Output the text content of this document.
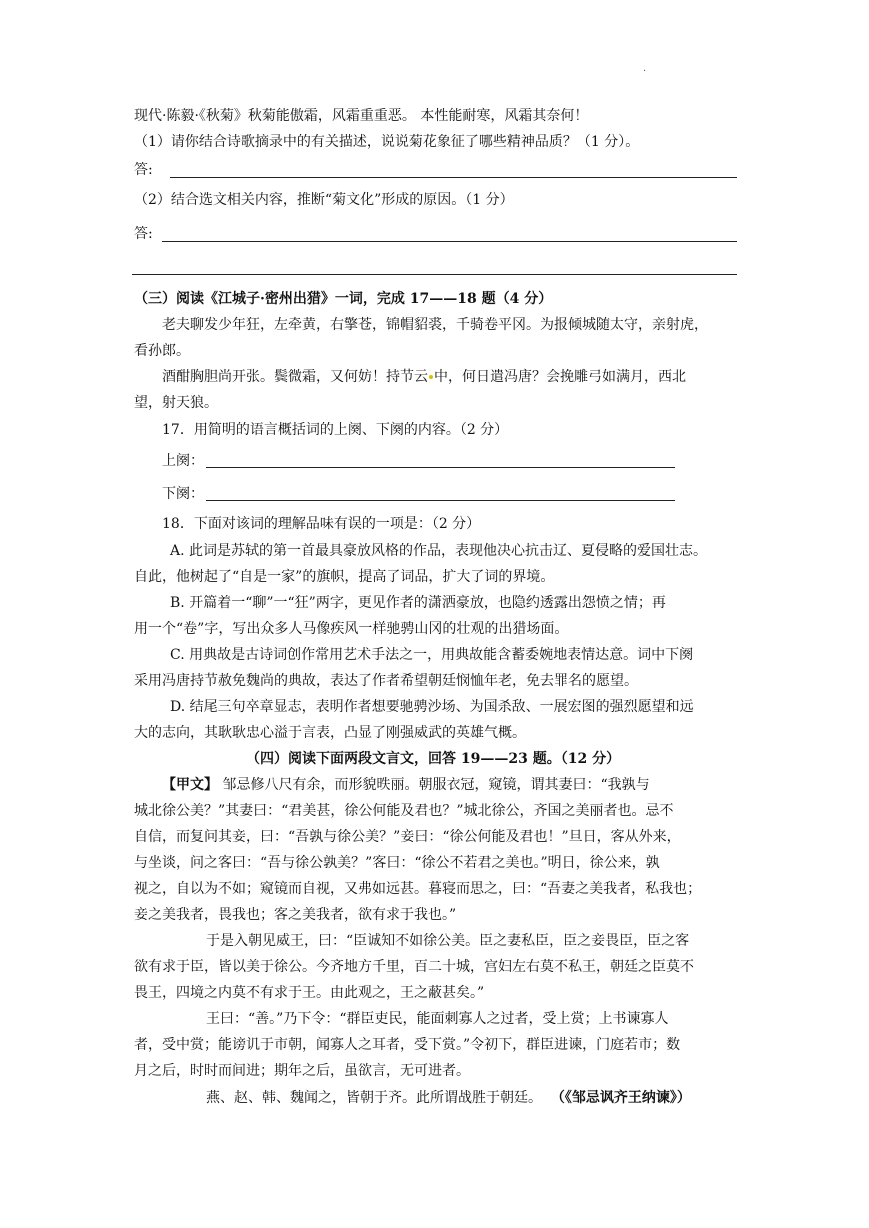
·
现代·陈毅·《秋菊》秋菊能傲霜，风霜重重恶。 本性能耐寒，风霜其奈何！
（1）请你结合诗歌摘录中的有关描述，说说菊花象征了哪些精神品质？（1 分）。
答:
（2）结合选文相关内容，推断“菊文化”形成的原因。（1 分）
答:
（三）阅读《江城子·密州出猎》一词，完成 17——18 题（4 分）
老夫聊发少年狂，左牵黄，右擎苍，锦帽貂裘，千骑卷平冈。为报倾城随太守，亲射虎，
看孙郎。
酒酣胸胆尚开张。鬓微霜，又何妨！持节云 中，何日遣冯唐？会挽雕弓如满月，西北
望，射天狼。
17．用简明的语言概括词的上阕、下阕的内容。（2 分）
上阕：
下阕：
18．下面对该词的理解品味有误的一项是：（2 分）
A. 此词是苏轼的第一首最具豪放风格的作品，表现他决心抗击辽、夏侵略的爱国壮志。
自此，他树起了“自是一家”的旗帜，提高了词品，扩大了词的界境。
B. 开篇着一“聊”一“狂”两字，更见作者的潇洒豪放，也隐约透露出怨愤之情；再
用一个“卷”字，写出众多人马像疾风一样驰骋山冈的壮观的出猎场面。
C. 用典故是古诗词创作常用艺术手法之一，用典故能含蓄委婉地表情达意。词中下阕
采用冯唐持节赦免魏尚的典故，表达了作者希望朝廷悯恤年老，免去罪名的愿望。
D. 结尾三句卒章显志，表明作者想要驰骋沙场、为国杀敌、一展宏图的强烈愿望和远
大的志向，其耿耿忠心溢于言表，凸显了刚强威武的英雄气概。
（四）阅读下面两段文言文，回答 19——23 题。（12 分）
【甲文】 邹忌修八尺有余，而形貌昳丽。朝服衣冠，窥镜，谓其妻曰：“我孰与
城北徐公美？”其妻曰：“君美甚，徐公何能及君也？”城北徐公，齐国之美丽者也。忌不
自信，而复问其妾，曰：“吾孰与徐公美？”妾曰：“徐公何能及君也！”旦日，客从外来，
与坐谈，问之客曰：“吾与徐公孰美？”客曰：“徐公不若君之美也。”明日，徐公来，孰
视之，自以为不如；窥镜而自视，又弗如远甚。暮寝而思之，曰：“吾妻之美我者，私我也；
妾之美我者，畏我也；客之美我者，欲有求于我也。”
于是入朝见威王，曰：“臣诚知不如徐公美。臣之妻私臣，臣之妾畏臣，臣之客
欲有求于臣，皆以美于徐公。今齐地方千里，百二十城，宫妇左右莫不私王，朝廷之臣莫不
畏王，四境之内莫不有求于王。由此观之，王之蔽甚矣。”
王曰：“善。”乃下令：“群臣吏民，能面刺寡人之过者，受上赏；上书谏寡人
者，受中赏；能谤讥于市朝，闻寡人之耳者，受下赏。”令初下，群臣进谏，门庭若市；数
月之后，时时而间进；期年之后，虽欲言，无可进者。
燕、赵、韩、魏闻之，皆朝于齐。此所谓战胜于朝廷。 （《邹忌讽齐王纳谏》）
